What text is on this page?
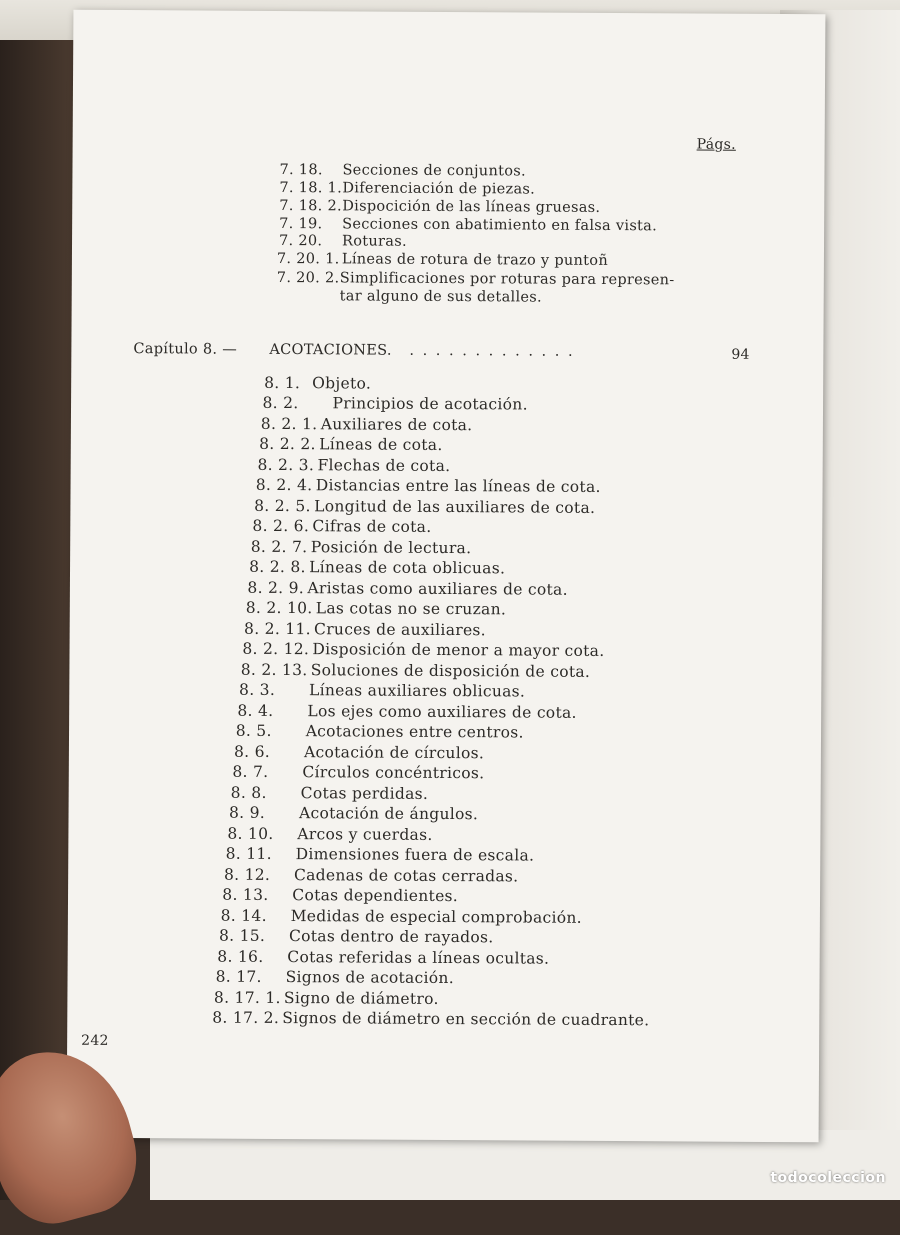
Págs.
7. 18. Secciones de conjuntos.
7. 18. 1. Diferenciación de piezas.
7. 18. 2. Dispocición de las líneas gruesas.
7. 19. Secciones con abatimiento en falsa vista.
7. 20. Roturas.
7. 20. 1. Líneas de rotura de trazo y puntoñ
7. 20. 2. Simplificaciones por roturas para represen-
tar alguno de sus detalles.
Capítulo 8. — ACOTACIONES. . . . . . . . . . . . . .	94
8. 1. Objeto.
8. 2. Principios de acotación.
8. 2. 1. Auxiliares de cota.
8. 2. 2. Líneas de cota.
8. 2. 3. Flechas de cota.
8. 2. 4. Distancias entre las líneas de cota.
8. 2. 5. Longitud de las auxiliares de cota.
8. 2. 6. Cifras de cota.
8. 2. 7. Posición de lectura.
8. 2. 8. Líneas de cota oblicuas.
8. 2. 9. Aristas como auxiliares de cota.
8. 2. 10. Las cotas no se cruzan.
8. 2. 11. Cruces de auxiliares.
8. 2. 12. Disposición de menor a mayor cota.
8. 2. 13. Soluciones de disposición de cota.
8. 3. Líneas auxiliares oblicuas.
8. 4. Los ejes como auxiliares de cota.
8. 5. Acotaciones entre centros.
8. 6. Acotación de círculos.
8. 7. Círculos concéntricos.
8. 8. Cotas perdidas.
8. 9. Acotación de ángulos.
8. 10. Arcos y cuerdas.
8. 11. Dimensiones fuera de escala.
8. 12. Cadenas de cotas cerradas.
8. 13. Cotas dependientes.
8. 14. Medidas de especial comprobación.
8. 15. Cotas dentro de rayados.
8. 16. Cotas referidas a líneas ocultas.
8. 17. Signos de acotación.
8. 17. 1. Signo de diámetro.
8. 17. 2. Signos de diámetro en sección de cuadrante.
242
todocoleccion
